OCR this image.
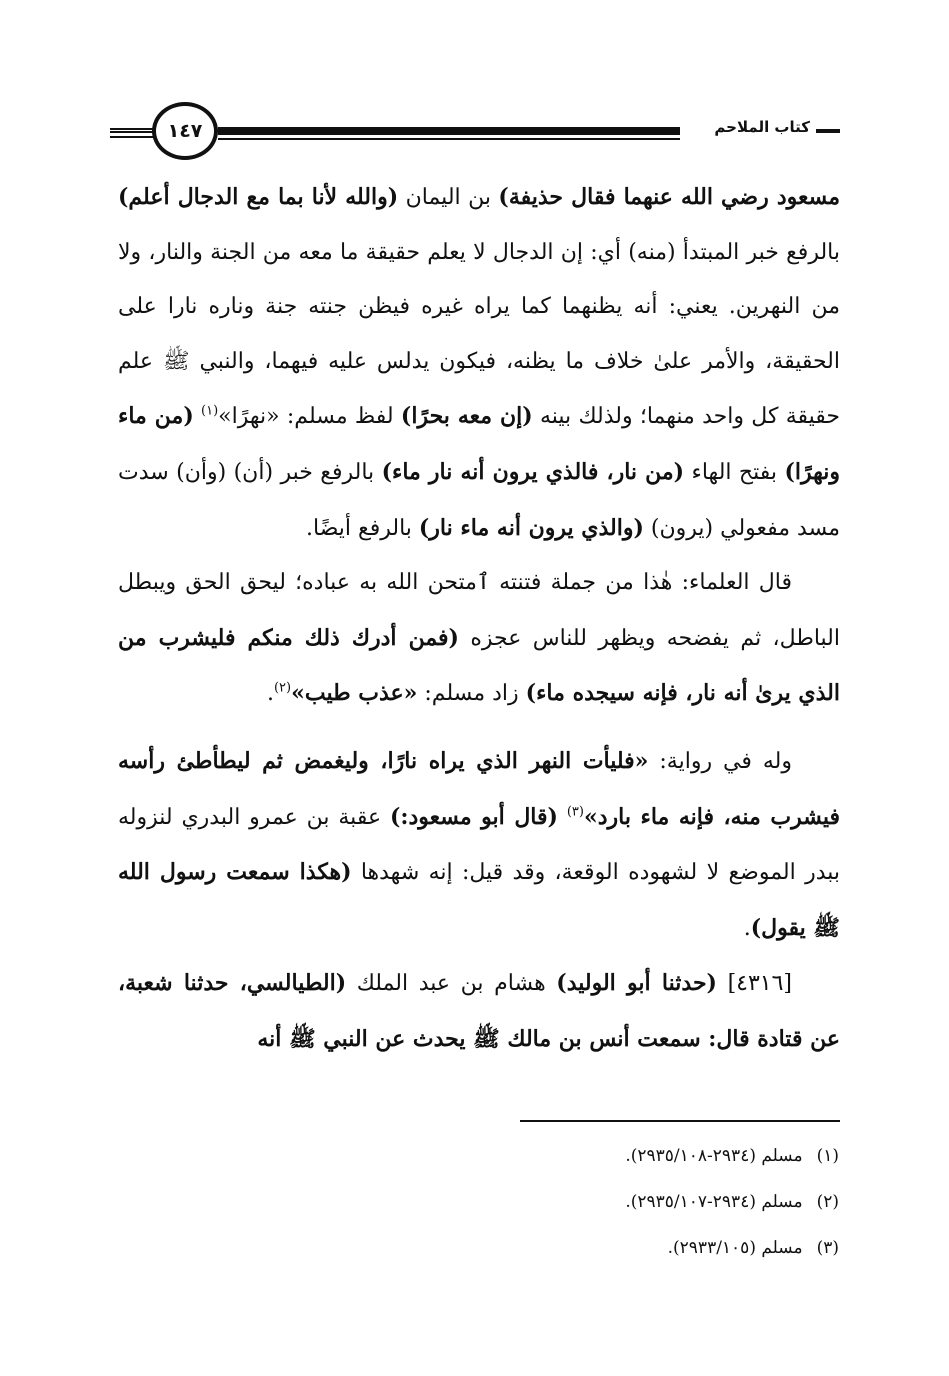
١٤٧	كتاب الملاحم

مسعود رضي الله عنهما فقال حذيفة) بن اليمان (والله لأنا بما مع الدجال أعلم) بالرفع خبر المبتدأ (منه) أي: إن الدجال لا يعلم حقيقة ما معه من الجنة والنار، ولا من النهرين. يعني: أنه يظنهما كما يراه غيره فيظن جنته جنة وناره نارا على الحقيقة، والأمر علىٰ خلاف ما يظنه، فيكون يدلس عليه فيهما، والنبي ﷺ علم حقيقة كل واحد منهما؛ ولذلك بينه (إن معه بحرًا) لفظ مسلم: «نهرًا»$^{(١)}$ (من ماء ونهرًا) بفتح الهاء (من نار، فالذي يرون أنه نار ماء) بالرفع خبر (أن) (وأن) سدت مسد مفعولي (يرون) (والذي يرون أنه ماء نار) بالرفع أيضًا.

قال العلماء: هٰذا من جملة فتنته ٱمتحن الله به عباده؛ ليحق الحق ويبطل الباطل، ثم يفضحه ويظهر للناس عجزه (فمن أدرك ذلك منكم فليشرب من الذي يرىٰ أنه نار، فإنه سيجده ماء) زاد مسلم: «عذب طيب»$^{(٢)}$.

وله في رواية: «فليأت النهر الذي يراه نارًا، وليغمض ثم ليطأطئ رأسه فيشرب منه، فإنه ماء بارد»$^{(٣)}$ (قال أبو مسعود:) عقبة بن عمرو البدري لنزوله ببدر الموضع لا لشهوده الوقعة، وقد قيل: إنه شهدها (هكذا سمعت رسول الله ﷺ يقول).

[٤٣١٦] (حدثنا أبو الوليد) هشام بن عبد الملك (الطيالسي، حدثنا شعبة، عن قتادة قال: سمعت أنس بن مالك ﷺ يحدث عن النبي ﷺ أنه

(١)مسلم (٢٩٣٤-٢٩٣٥/١٠٨).
(٢)مسلم (٢٩٣٤-٢٩٣٥/١٠٧).
(٣)مسلم (٢٩٣٣/١٠٥).
